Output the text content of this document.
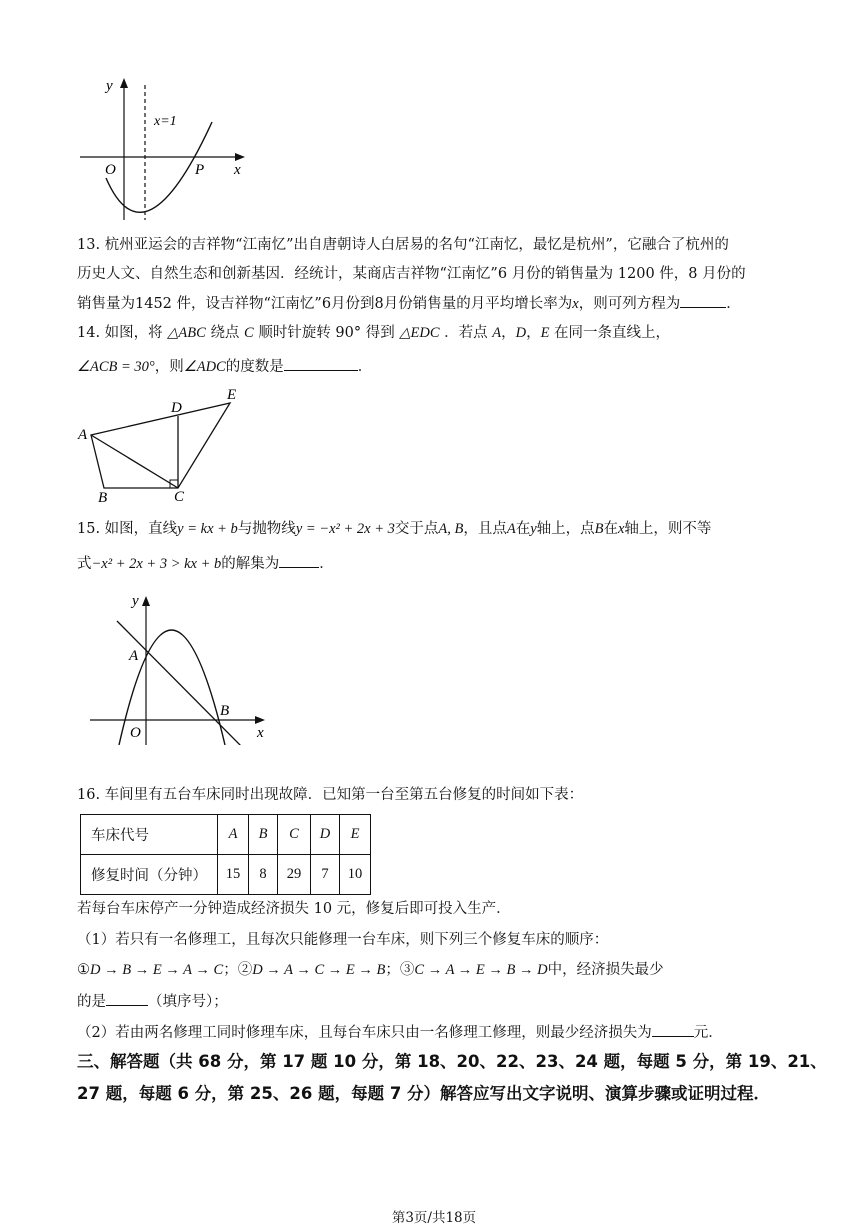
y
x
O	P
x=1
13. 杭州亚运会的吉祥物“江南忆”出自唐朝诗人白居易的名句“江南忆，最忆是杭州”，它融合了杭州的
历史人文、自然生态和创新基因．经统计，某商店吉祥物“江南忆”6 月份的销售量为 1200 件，8 月份的
销售量为1452 件，设吉祥物“江南忆”6月份到8月份销售量的月平均增长率为x，则可列方程为	．
14. 如图，将 △ABC 绕点 C 顺时针旋转 90° 得到 △EDC ．若点 A，D，E 在同一条直线上，
∠ACB = 30°，则∠ADC的度数是	．
A
B	C
D
E
15. 如图，直线y = kx + b与抛物线y = −x² + 2x + 3交于点A, B，且点A在y轴上，点B在x轴上，则不等
式−x² + 2x + 3 > kx + b的解集为	．
y
A
B
O	x
16. 车间里有五台车床同时出现故障．已知第一台至第五台修复的时间如下表：
车床代号	A	B	C	D	E
修复时间（分钟）	15	8	29	7	10
若每台车床停产一分钟造成经济损失 10 元，修复后即可投入生产．
（1）若只有一名修理工，且每次只能修理一台车床，则下列三个修复车床的顺序：
①D → B → E → A → C；②D → A → C → E → B；③C → A → E → B → D中，经济损失最少
的是	（填序号）；
（2）若由两名修理工同时修理车床，且每台车床只由一名修理工修理，则最少经济损失为	元．
三、解答题（共 68 分，第 17 题 10 分，第 18、20、22、23、24 题，每题 5 分，第 19、21、
27 题，每题 6 分，第 25、26 题，每题 7 分）解答应写出文字说明、演算步骤或证明过程．
第3页/共18页
